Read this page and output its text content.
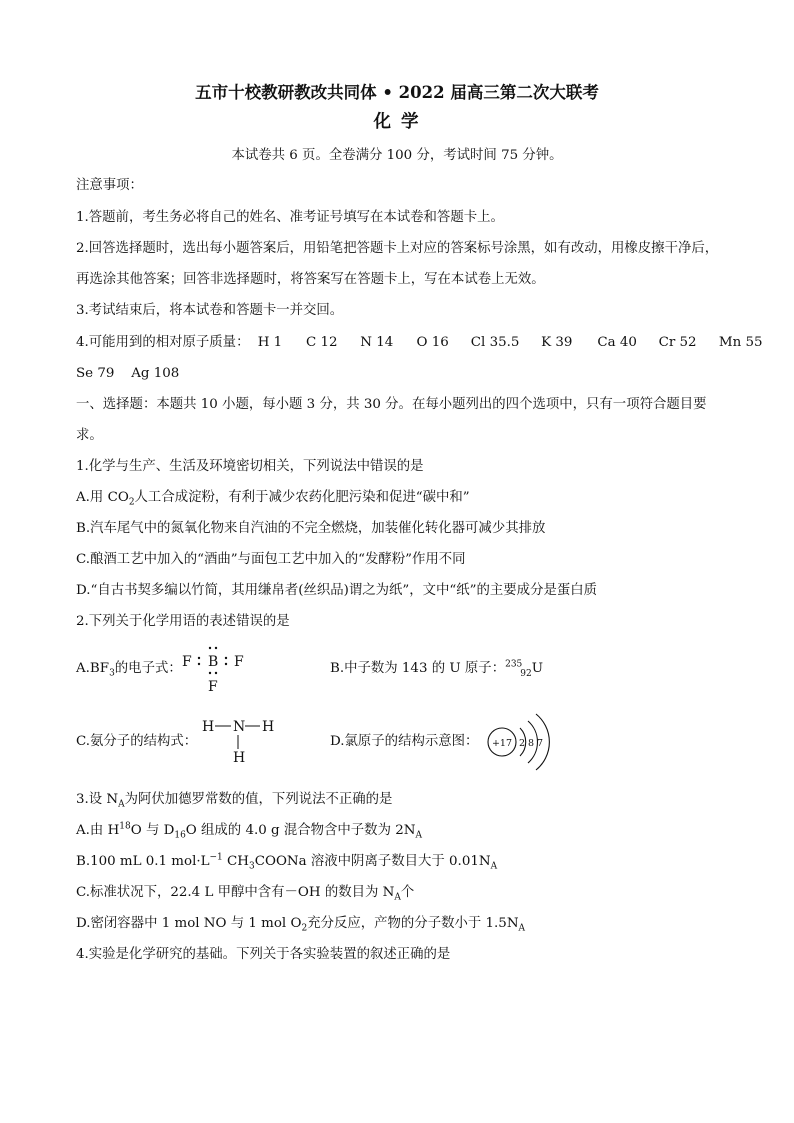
五市十校教研教改共同体 • 2022 届高三第二次大联考
化 学
本试卷共 6 页。全卷满分 100 分，考试时间 75 分钟。
注意事项：
1.答题前，考生务必将自己的姓名、准考证号填写在本试卷和答题卡上。
2.回答选择题时，选出每小题答案后，用铅笔把答题卡上对应的答案标号涂黑，如有改动，用橡皮擦干净后，
再选涂其他答案；回答非选择题时，将答案写在答题卡上，写在本试卷上无效。
3.考试结束后，将本试卷和答题卡一并交回。
4.可能用到的相对原子质量： H 1 C 12 N 14 O 16 Cl 35.5 K 39 Ca 40 Cr 52 Mn 55
Se 79 Ag 108
一、选择题：本题共 10 小题，每小题 3 分，共 30 分。在每小题列出的四个选项中，只有一项符合题目要
求。
1.化学与生产、生活及环境密切相关，下列说法中错误的是
A.用 $CO_2$人工合成淀粉，有利于减少农药化肥污染和促进“碳中和”
B.汽车尾气中的氮氧化物来自汽油的不完全燃烧，加装催化转化器可减少其排放
C.酿酒工艺中加入的“酒曲”与面包工艺中加入的“发酵粉”作用不同
D.“自古书契多编以竹简，其用缣帛者(丝织品)谓之为纸”，文中“纸”的主要成分是蛋白质
2.下列关于化学用语的表述错误的是
$A.BF_3$的电子式： F B F
F
B.中子数为 143 的 U 原子：$^{235}_{92}$U
C.氨分子的结构式：
H N H
H
D.氯原子的结构示意图： +17 2 8 7
3.设 $N_A$为阿伏加德罗常数的值，下列说法不正确的是
A.由 $H^{18}O$ 与 $D_{16}O$ 组成的 4.0 g 混合物含中子数为 $2N_A$
B.100 mL 0.1 $mol\cdot L^{-1}$ $CH_3COONa$ 溶液中阴离子数目大于 $0.01N_A$
C.标准状况下，22.4 L 甲醇中含有－OH 的数目为 $N_A$个
D.密闭容器中 1 mol NO 与 1 mol $O_2$充分反应，产物的分子数小于 $1.5N_A$
4.实验是化学研究的基础。下列关于各实验装置的叙述正确的是
